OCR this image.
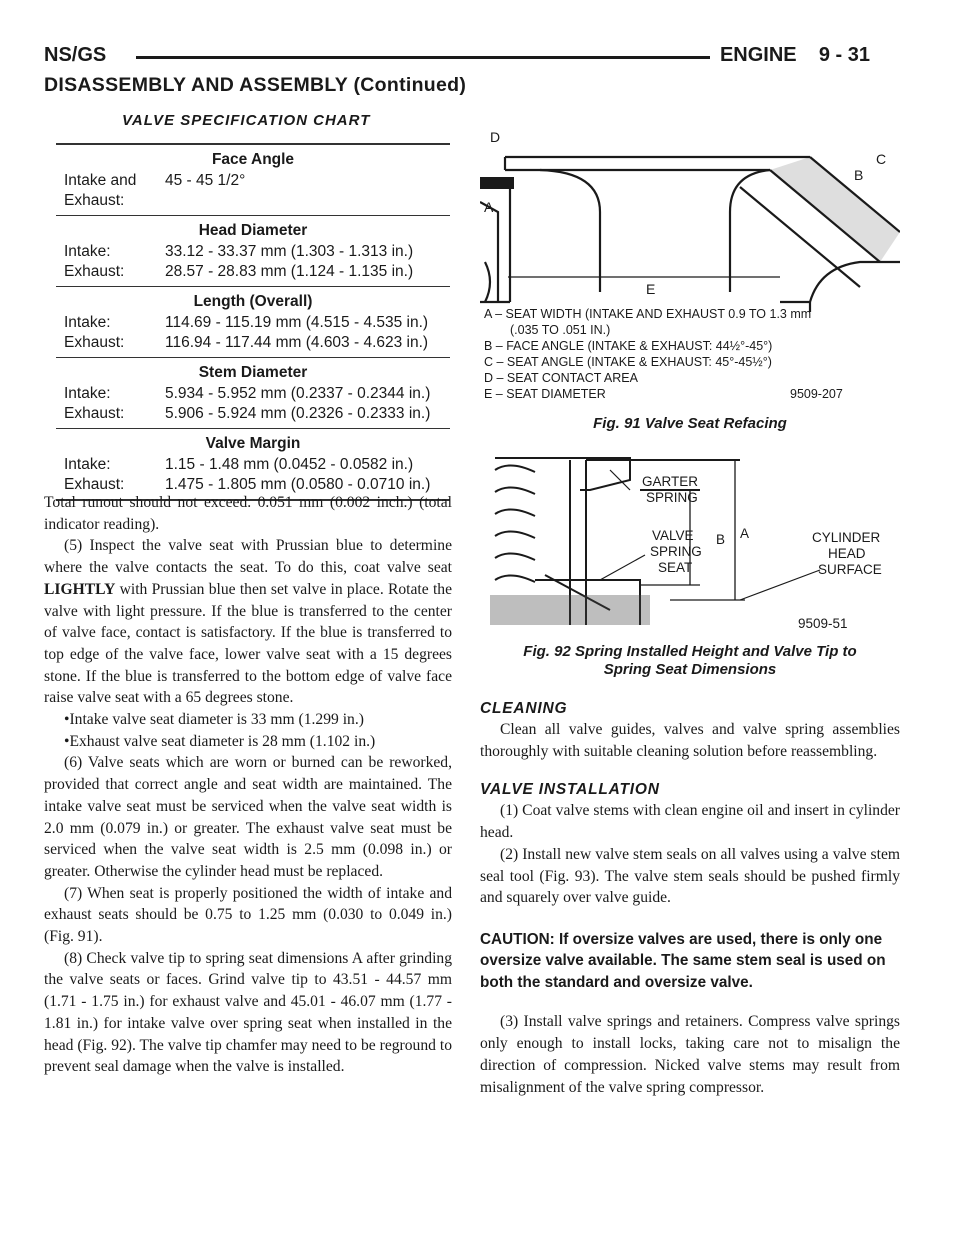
NS/GS	ENGINE    9 - 31
DISASSEMBLY AND ASSEMBLY (Continued)
VALVE SPECIFICATION CHART
Face Angle
Intake and Exhaust:
45 - 45 1/2°
Head Diameter
Intake:	33.12 - 33.37 mm (1.303 - 1.313 in.)
Exhaust:	28.57 - 28.83 mm (1.124 - 1.135 in.)
Length (Overall)
Intake:	114.69 - 115.19 mm (4.515 - 4.535 in.)
Exhaust:	116.94 - 117.44 mm (4.603 - 4.623 in.)
Stem Diameter
Intake:	5.934 - 5.952 mm (0.2337 - 0.2344 in.)
Exhaust:	5.906 - 5.924 mm (0.2326 - 0.2333 in.)
Valve Margin
Intake:	1.15 - 1.48 mm (0.0452 - 0.0582 in.)
Exhaust:	1.475 - 1.805 mm (0.0580 - 0.0710 in.)

Total runout should not exceed. 0.051 mm (0.002 inch.) (total indicator reading).

(5) Inspect the valve seat with Prussian blue to determine where the valve contacts the seat. To do this, coat valve seat LIGHTLY with Prussian blue then set valve in place. Rotate the valve with light pressure. If the blue is transferred to the center of valve face, contact is satisfactory. If the blue is transferred to top edge of the valve face, lower valve seat with a 15 degrees stone. If the blue is transferred to the bottom edge of valve face raise valve seat with a 65 degrees stone.

•Intake valve seat diameter is 33 mm (1.299 in.)

•Exhaust valve seat diameter is 28 mm (1.102 in.)

(6) Valve seats which are worn or burned can be reworked, provided that correct angle and seat width are maintained. The intake valve seat must be serviced when the valve seat width is 2.0 mm (0.079 in.) or greater. The exhaust valve seat must be serviced when the valve seat width is 2.5 mm (0.098 in.) or greater. Otherwise the cylinder head must be replaced.

(7) When seat is properly positioned the width of intake and exhaust seats should be 0.75 to 1.25 mm (0.030 to 0.049 in.) (Fig. 91).

(8) Check valve tip to spring seat dimensions A after grinding the valve seats or faces. Grind valve tip to 43.51 - 44.57 mm (1.71 - 1.75 in.) for exhaust valve and 45.01 - 46.07 mm (1.77 - 1.81 in.) for intake valve over spring seat when installed in the head (Fig. 92). The valve tip chamfer may need to be reground to prevent seal damage when the valve is installed.

D
A
B
C
E
A – SEAT WIDTH (INTAKE AND EXHAUST 0.9 TO 1.3 mm
(.035 TO .051 IN.)
B – FACE ANGLE (INTAKE & EXHAUST: 44½°-45°)
C – SEAT ANGLE (INTAKE & EXHAUST: 45°-45½°)
D – SEAT CONTACT AREA
E – SEAT DIAMETER	9509-207
Fig. 91 Valve Seat Refacing
GARTER
SPRING
VALVE
SPRING
SEAT
B A	CYLINDER
HEAD
SURFACE
9509-51
Fig. 92 Spring Installed Height and Valve Tip to
Spring Seat Dimensions

CLEANING

Clean all valve guides, valves and valve spring assemblies thoroughly with suitable cleaning solution before reassembling.

VALVE INSTALLATION

(1) Coat valve stems with clean engine oil and insert in cylinder head.

(2) Install new valve stem seals on all valves using a valve stem seal tool (Fig. 93). The valve stem seals should be pushed firmly and squarely over valve guide.

CAUTION: If oversize valves are used, there is only one oversize valve available. The same stem seal is used on both the standard and oversize valve.

(3) Install valve springs and retainers. Compress valve springs only enough to install locks, taking care not to misalign the direction of compression. Nicked valve stems may result from misalignment of the valve spring compressor.
